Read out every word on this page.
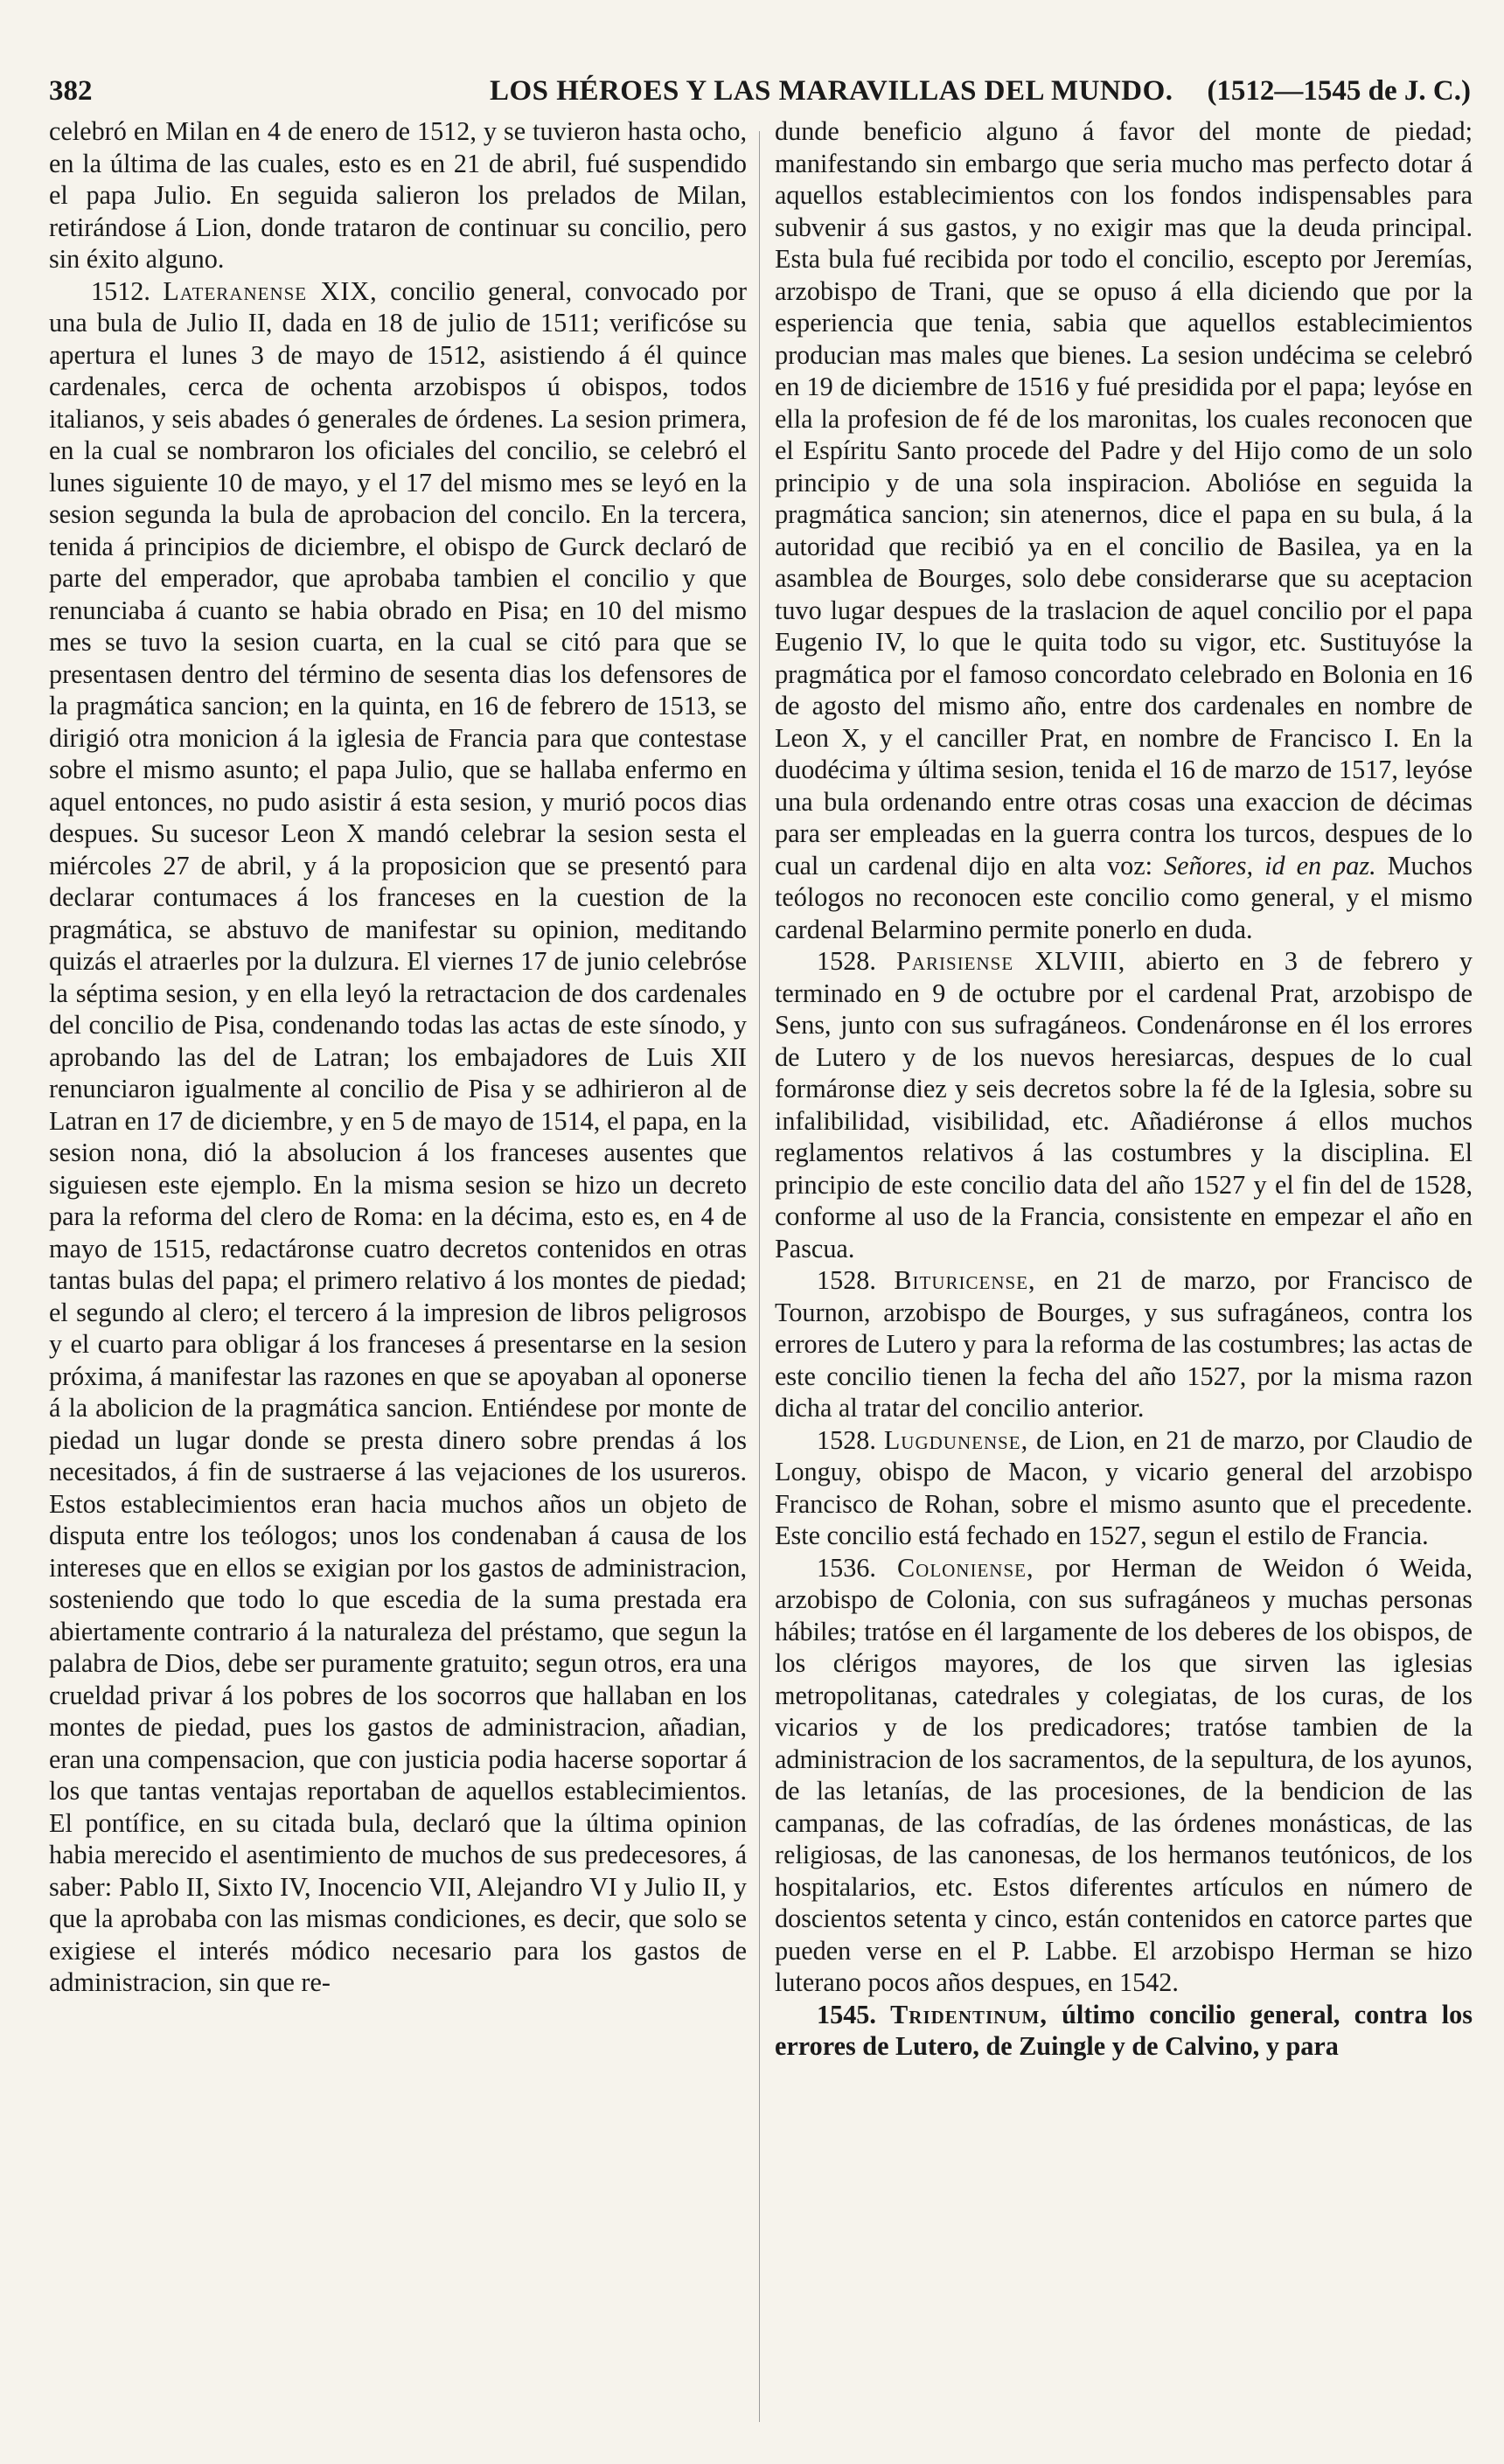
382	LOS HÉROES Y LAS MARAVILLAS DEL MUNDO. (1512—1545 de J. C.)

celebró en Milan en 4 de enero de 1512, y se tuvieron hasta ocho, en la última de las cuales, esto es en 21 de abril, fué suspendido el papa Julio. En seguida salieron los prelados de Milan, retirándose á Lion, donde trataron de continuar su concilio, pero sin éxito alguno.

1512. Lateranense XIX, concilio general, convocado por una bula de Julio II, dada en 18 de julio de 1511; verificóse su apertura el lunes 3 de mayo de 1512, asistiendo á él quince cardenales, cerca de ochenta arzobispos ú obispos, todos italianos, y seis abades ó generales de órdenes. La sesion primera, en la cual se nombraron los oficiales del concilio, se celebró el lunes siguiente 10 de mayo, y el 17 del mismo mes se leyó en la sesion segunda la bula de aprobacion del concilo. En la tercera, tenida á principios de diciembre, el obispo de Gurck declaró de parte del emperador, que aprobaba tambien el concilio y que renunciaba á cuanto se habia obrado en Pisa; en 10 del mismo mes se tuvo la sesion cuarta, en la cual se citó para que se presentasen dentro del término de sesenta dias los defensores de la pragmática sancion; en la quinta, en 16 de febrero de 1513, se dirigió otra monicion á la iglesia de Francia para que contestase sobre el mismo asunto; el papa Julio, que se hallaba enfermo en aquel entonces, no pudo asistir á esta sesion, y murió pocos dias despues. Su sucesor Leon X mandó celebrar la sesion sesta el miércoles 27 de abril, y á la proposicion que se presentó para declarar contumaces á los franceses en la cuestion de la pragmática, se abstuvo de manifestar su opinion, meditando quizás el atraerles por la dulzura. El viernes 17 de junio celebróse la séptima sesion, y en ella leyó la retractacion de dos cardenales del concilio de Pisa, condenando todas las actas de este sínodo, y aprobando las del de Latran; los embajadores de Luis XII renunciaron igualmente al concilio de Pisa y se adhirieron al de Latran en 17 de diciembre, y en 5 de mayo de 1514, el papa, en la sesion nona, dió la absolucion á los franceses ausentes que siguiesen este ejemplo. En la misma sesion se hizo un decreto para la reforma del clero de Roma: en la décima, esto es, en 4 de mayo de 1515, redactáronse cuatro decretos contenidos en otras tantas bulas del papa; el primero relativo á los montes de piedad; el segundo al clero; el tercero á la impresion de libros peligrosos y el cuarto para obligar á los franceses á presentarse en la sesion próxima, á manifestar las razones en que se apoyaban al oponerse á la abolicion de la pragmática sancion. Entiéndese por monte de piedad un lugar donde se presta dinero sobre prendas á los necesitados, á fin de sustraerse á las vejaciones de los usureros. Estos establecimientos eran hacia muchos años un objeto de disputa entre los teólogos; unos los condenaban á causa de los intereses que en ellos se exigian por los gastos de administracion, sosteniendo que todo lo que escedia de la suma prestada era abiertamente contrario á la naturaleza del préstamo, que segun la palabra de Dios, debe ser puramente gratuito; segun otros, era una crueldad privar á los pobres de los socorros que hallaban en los montes de piedad, pues los gastos de administracion, añadian, eran una compensacion, que con justicia podia hacerse soportar á los que tantas ventajas reportaban de aquellos establecimientos. El pontífice, en su citada bula, declaró que la última opinion habia merecido el asentimiento de muchos de sus predecesores, á saber: Pablo II, Sixto IV, Inocencio VII, Alejandro VI y Julio II, y que la aprobaba con las mismas condiciones, es decir, que solo se exigiese el interés módico necesario para los gastos de administracion, sin que re-

dunde beneficio alguno á favor del monte de piedad; manifestando sin embargo que seria mucho mas perfecto dotar á aquellos establecimientos con los fondos indispensables para subvenir á sus gastos, y no exigir mas que la deuda principal. Esta bula fué recibida por todo el concilio, escepto por Jeremías, arzobispo de Trani, que se opuso á ella diciendo que por la esperiencia que tenia, sabia que aquellos establecimientos producian mas males que bienes. La sesion undécima se celebró en 19 de diciembre de 1516 y fué presidida por el papa; leyóse en ella la profesion de fé de los maronitas, los cuales reconocen que el Espíritu Santo procede del Padre y del Hijo como de un solo principio y de una sola inspiracion. Abolióse en seguida la pragmática sancion; sin atenernos, dice el papa en su bula, á la autoridad que recibió ya en el concilio de Basilea, ya en la asamblea de Bourges, solo debe considerarse que su aceptacion tuvo lugar despues de la traslacion de aquel concilio por el papa Eugenio IV, lo que le quita todo su vigor, etc. Sustituyóse la pragmática por el famoso concordato celebrado en Bolonia en 16 de agosto del mismo año, entre dos cardenales en nombre de Leon X, y el canciller Prat, en nombre de Francisco I. En la duodécima y última sesion, tenida el 16 de marzo de 1517, leyóse una bula ordenando entre otras cosas una exaccion de décimas para ser empleadas en la guerra contra los turcos, despues de lo cual un cardenal dijo en alta voz: Señores, id en paz. Muchos teólogos no reconocen este concilio como general, y el mismo cardenal Belarmino permite ponerlo en duda.

1528. Parisiense XLVIII, abierto en 3 de febrero y terminado en 9 de octubre por el cardenal Prat, arzobispo de Sens, junto con sus sufragáneos. Condenáronse en él los errores de Lutero y de los nuevos heresiarcas, despues de lo cual formáronse diez y seis decretos sobre la fé de la Iglesia, sobre su infalibilidad, visibilidad, etc. Añadiéronse á ellos muchos reglamentos relativos á las costumbres y la disciplina. El principio de este concilio data del año 1527 y el fin del de 1528, conforme al uso de la Francia, consistente en empezar el año en Pascua.

1528. Bituricense, en 21 de marzo, por Francisco de Tournon, arzobispo de Bourges, y sus sufragáneos, contra los errores de Lutero y para la reforma de las costumbres; las actas de este concilio tienen la fecha del año 1527, por la misma razon dicha al tratar del concilio anterior.

1528. Lugdunense, de Lion, en 21 de marzo, por Claudio de Longuy, obispo de Macon, y vicario general del arzobispo Francisco de Rohan, sobre el mismo asunto que el precedente. Este concilio está fechado en 1527, segun el estilo de Francia.

1536. Coloniense, por Herman de Weidon ó Weida, arzobispo de Colonia, con sus sufragáneos y muchas personas hábiles; tratóse en él largamente de los deberes de los obispos, de los clérigos mayores, de los que sirven las iglesias metropolitanas, catedrales y colegiatas, de los curas, de los vicarios y de los predicadores; tratóse tambien de la administracion de los sacramentos, de la sepultura, de los ayunos, de las letanías, de las procesiones, de la bendicion de las campanas, de las cofradías, de las órdenes monásticas, de las religiosas, de las canonesas, de los hermanos teutónicos, de los hospitalarios, etc. Estos diferentes artículos en número de doscientos setenta y cinco, están contenidos en catorce partes que pueden verse en el P. Labbe. El arzobispo Herman se hizo luterano pocos años despues, en 1542.

1545. Tridentinum, último concilio general, contra los errores de Lutero, de Zuingle y de Calvino, y para
